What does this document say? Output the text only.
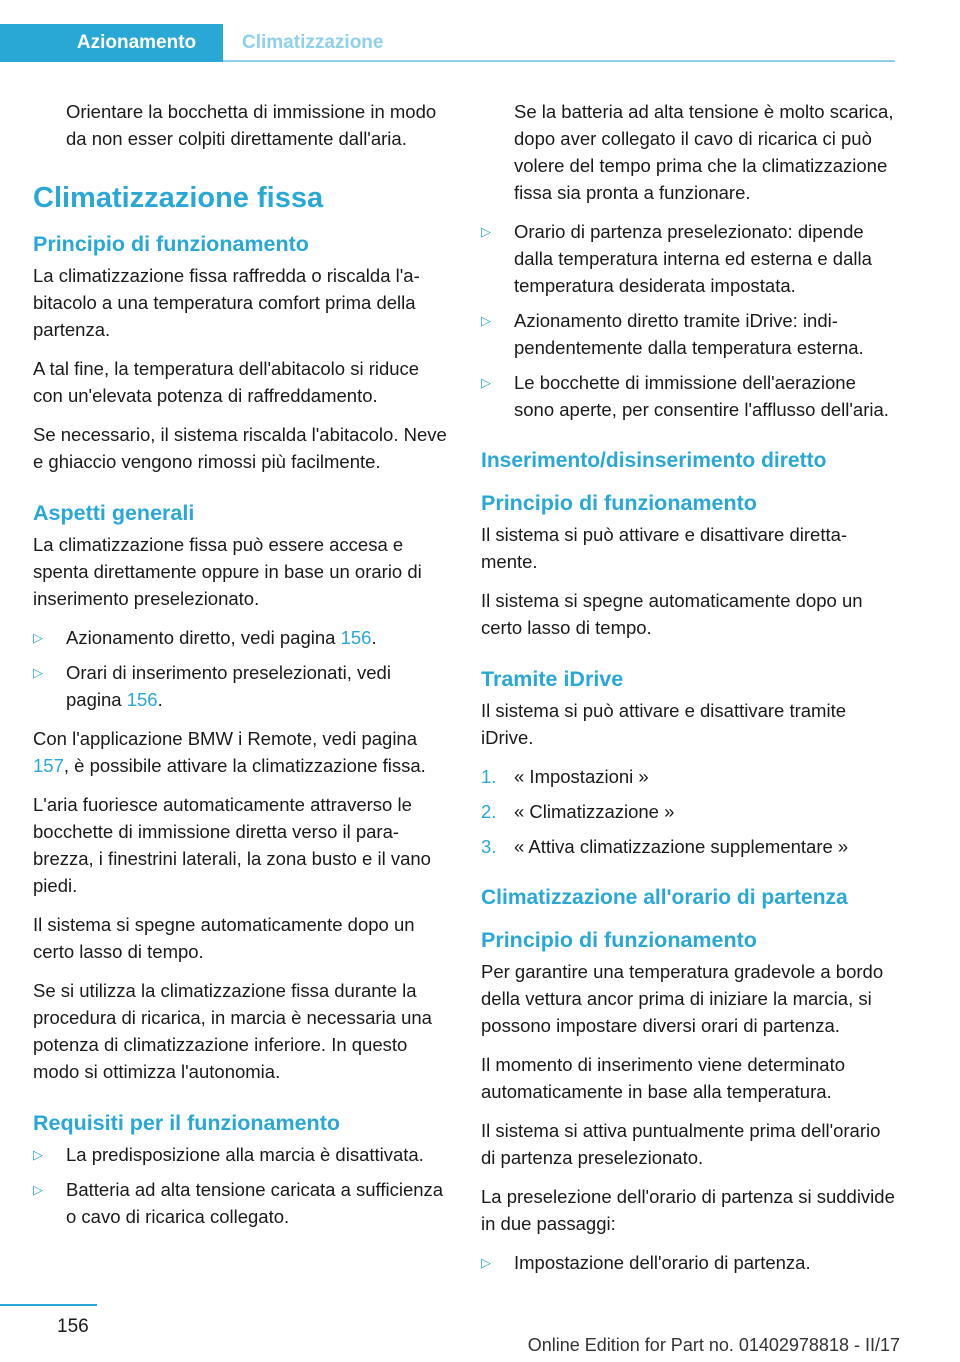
Azionamento Climatizzazione

Orientare la bocchetta di immissione in modo da non esser colpiti direttamente dall'aria.

Climatizzazione fissa
Principio di funzionamento

La climatizzazione fissa raffredda o riscalda l'abitacolo a una temperatura comfort prima della partenza.

A tal fine, la temperatura dell'abitacolo si riduce con un'elevata potenza di raffreddamento.

Se necessario, il sistema riscalda l'abitacolo. Neve e ghiaccio vengono rimossi più facilmente.

Aspetti generali

La climatizzazione fissa può essere accesa e spenta direttamente oppure in base un orario di inserimento preselezionato.

▷ Azionamento diretto, vedi pagina 156.
▷ Orari di inserimento preselezionati, vedi pagina 156.

Con l'applicazione BMW i Remote, vedi pagina 157, è possibile attivare la climatizzazione fissa.

L'aria fuoriesce automaticamente attraverso le bocchette di immissione diretta verso il parabrezza, i finestrini laterali, la zona busto e il vano piedi.

Il sistema si spegne automaticamente dopo un certo lasso di tempo.

Se si utilizza la climatizzazione fissa durante la procedura di ricarica, in marcia è necessaria una potenza di climatizzazione inferiore. In questo modo si ottimizza l'autonomia.

Requisiti per il funzionamento
▷ La predisposizione alla marcia è disattivata.
▷ Batteria ad alta tensione caricata a sufficienza o cavo di ricarica collegato.

Se la batteria ad alta tensione è molto scarica, dopo aver collegato il cavo di ricarica ci può volere del tempo prima che la climatizzazione fissa sia pronta a funzionare.

▷ Orario di partenza preselezionato: dipende dalla temperatura interna ed esterna e dalla temperatura desiderata impostata.
▷ Azionamento diretto tramite iDrive: indipendentemente dalla temperatura esterna.
▷ Le bocchette di immissione dell'aerazione sono aperte, per consentire l'afflusso dell'aria.
Inserimento/disinserimento diretto
Principio di funzionamento

Il sistema si può attivare e disattivare direttamente.

Il sistema si spegne automaticamente dopo un certo lasso di tempo.

Tramite iDrive

Il sistema si può attivare e disattivare tramite iDrive.

1. « Impostazioni »
2. « Climatizzazione »
3. « Attiva climatizzazione supplementare »
Climatizzazione all'orario di partenza
Principio di funzionamento

Per garantire una temperatura gradevole a bordo della vettura ancor prima di iniziare la marcia, si possono impostare diversi orari di partenza.

Il momento di inserimento viene determinato automaticamente in base alla temperatura.

Il sistema si attiva puntualmente prima dell'orario di partenza preselezionato.

La preselezione dell'orario di partenza si suddivide in due passaggi:

▷ Impostazione dell'orario di partenza.
156
Online Edition for Part no. 01402978818 - II/17
